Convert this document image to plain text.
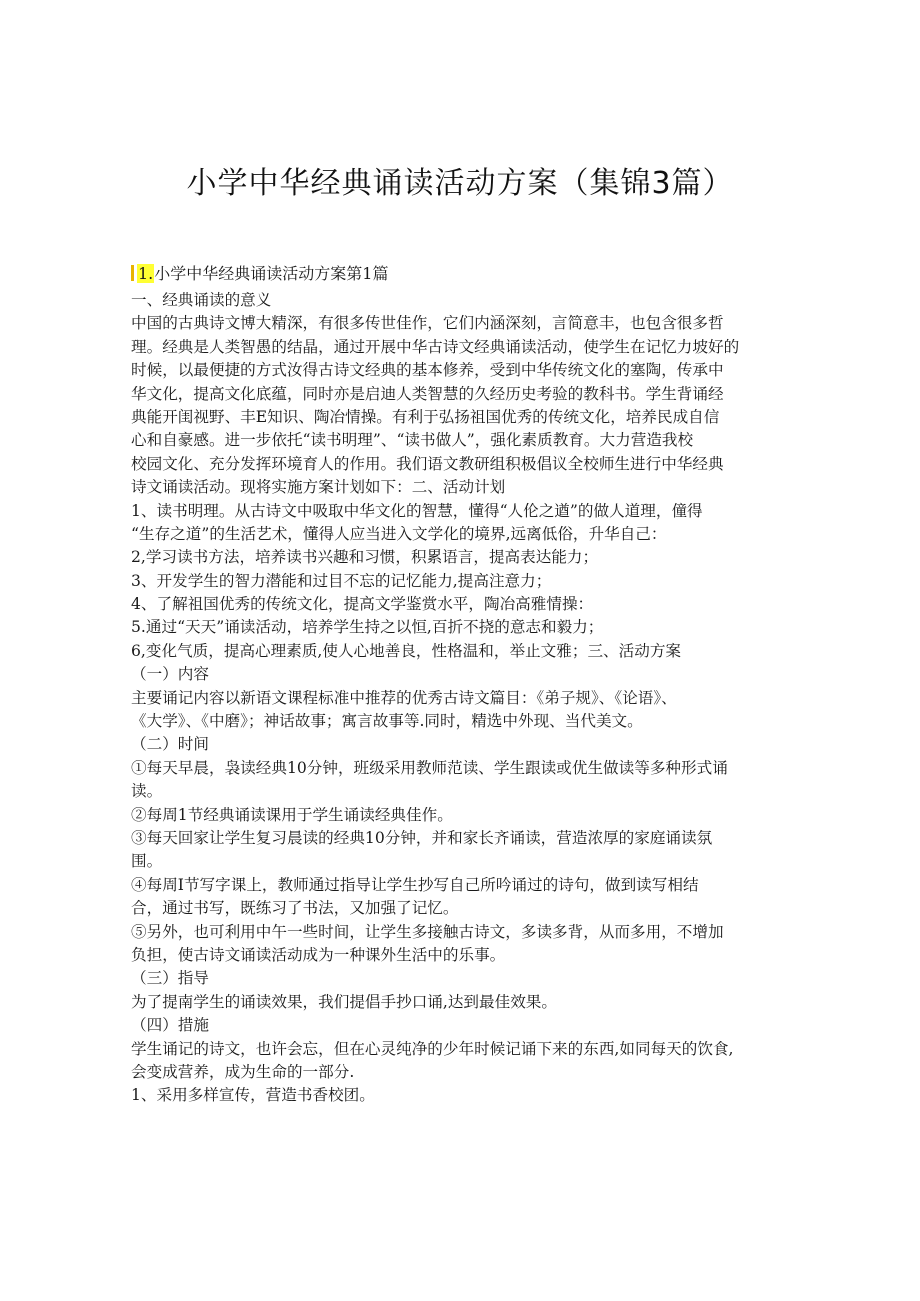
小学中华经典诵读活动方案（集锦3篇）
1.小学中华经典诵读活动方案第1篇
一、经典诵读的意义
中国的古典诗文博大精深，有很多传世佳作，它们内涵深刻，言简意丰，也包含很多哲
理。经典是人类智愚的结晶，通过开展中华古诗文经典诵读活动，使学生在记忆力坡好的
时候，以最便捷的方式汝得古诗文经典的基本修养，受到中华传统文化的塞陶，传承中
华文化，提高文化底蕴，同时亦是启迪人类智慧的久经历史考验的教科书。学生背诵经
典能开闺视野、丰E知识、陶冶情操。有利于弘扬祖国优秀的传统文化，培养民成自信
心和自豪感。进一步依托“读书明理”、“读书做人”，强化素质教育。大力营造我校
校园文化、充分发挥环境育人的作用。我们语文教研组积极倡议全校师生进行中华经典
诗文诵读活动。现将实施方案计划如下：二、活动计划
1、读书明理。从古诗文中吸取中华文化的智慧，懂得“人伦之遒”的做人道理，僮得
“生存之道”的生活艺术，懂得人应当进入文学化的境界,远离低俗，升华自己：
2,学习读书方法，培养读书兴趣和习惯，积累语言，提高表达能力；
3、开发学生的智力潜能和过目不忘的记忆能力,提高注意力；
4、了解祖国优秀的传统文化，提高文学鉴赏水平，陶冶高雅情操：
5.通过“天天”诵读活动，培养学生持之以恒,百折不挠的意志和毅力；
6,变化气质，提高心理素质,使人心地善良，性格温和，举止文雅；三、活动方案
（一）内容
主要诵记内容以新语文课程标准中推荐的优秀古诗文篇目：《弟子规》、《论语》、
《大学》、《中磨》；神话故事；寓言故事等.同时，精选中外现、当代美文。
（二）时间
①每天早晨，袅读经典10分钟，班级采用教师范读、学生跟读或优生做读等多种形式诵
读。
②每周1节经典诵读课用于学生诵读经典佳作。
③每天回家让学生复习晨读的经典10分钟，并和家长齐诵读，营造浓厚的家庭诵读氛
围。
④每周I节写字课上，教师通过指导让学生抄写自己所吟诵过的诗句，做到读写相结
合，通过书写，既练习了书法，又加强了记忆。
⑤另外，也可利用中午一些时间，让学生多接触古诗文，多读多背，从而多用，不增加
负担，使古诗文诵读活动成为一种课外生活中的乐事。
（三）指导
为了提南学生的诵读效果，我们提倡手抄口诵,达到最佳效果。
（四）措施
学生诵记的诗文，也许会忘，但在心灵纯净的少年时候记诵下来的东西,如同每天的饮食,
会变成营养，成为生命的一部分.
1、采用多样宣传，营造书香校团。
